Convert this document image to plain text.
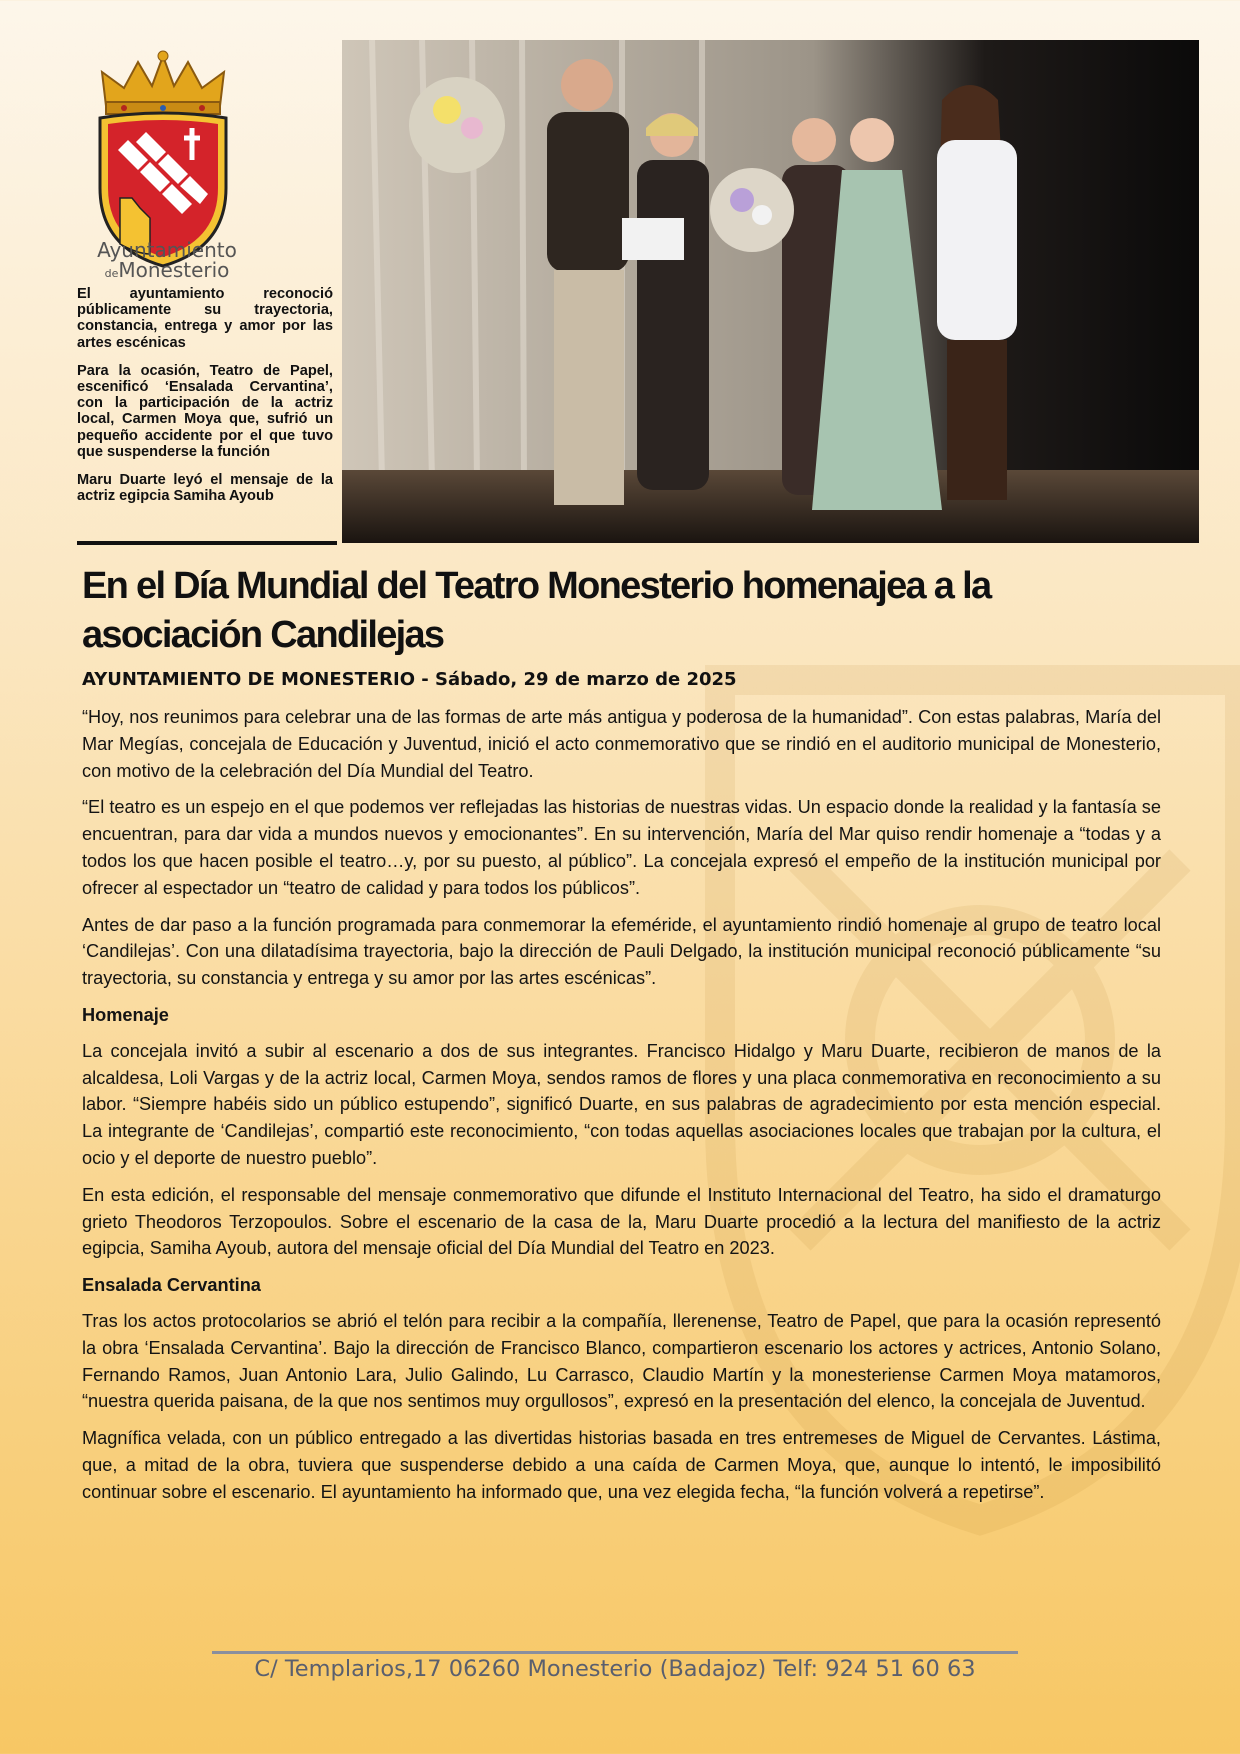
Ayuntamiento
deMonesterio

El ayuntamiento reconoció públicamente su trayectoria, constancia, entrega y amor por las artes escénicas

Para la ocasión, Teatro de Papel, escenificó ‘Ensalada Cervantina’, con la participación de la actriz local, Carmen Moya que, sufrió un pequeño accidente por el que tuvo que suspenderse la función

Maru Duarte leyó el mensaje de la actriz egipcia Samiha Ayoub

En el Día Mundial del Teatro Monesterio homenajea a la asociación Candilejas

AYUNTAMIENTO DE MONESTERIO - Sábado, 29 de marzo de 2025

“Hoy, nos reunimos para celebrar una de las formas de arte más antigua y poderosa de la humanidad”. Con estas palabras, María del Mar Megías, concejala de Educación y Juventud, inició el acto conmemorativo que se rindió en el auditorio municipal de Monesterio, con motivo de la celebración del Día Mundial del Teatro.

“El teatro es un espejo en el que podemos ver reflejadas las historias de nuestras vidas. Un espacio donde la realidad y la fantasía se encuentran, para dar vida a mundos nuevos y emocionantes”. En su intervención, María del Mar quiso rendir homenaje a “todas y a todos los que hacen posible el teatro…y, por su puesto, al público”. La concejala expresó el empeño de la institución municipal por ofrecer al espectador un “teatro de calidad y para todos los públicos”.

Antes de dar paso a la función programada para conmemorar la efeméride, el ayuntamiento rindió homenaje al grupo de teatro local ‘Candilejas’. Con una dilatadísima trayectoria, bajo la dirección de Pauli Delgado, la institución municipal reconoció públicamente “su trayectoria, su constancia y entrega y su amor por las artes escénicas”.

Homenaje

La concejala invitó a subir al escenario a dos de sus integrantes. Francisco Hidalgo y Maru Duarte, recibieron de manos de la alcaldesa, Loli Vargas y de la actriz local, Carmen Moya, sendos ramos de flores y una placa conmemorativa en reconocimiento a su labor. “Siempre habéis sido un público estupendo”, significó Duarte, en sus palabras de agradecimiento por esta mención especial. La integrante de ‘Candilejas’, compartió este reconocimiento, “con todas aquellas asociaciones locales que trabajan por la cultura, el ocio y el deporte de nuestro pueblo”.

En esta edición, el responsable del mensaje conmemorativo que difunde el Instituto Internacional del Teatro, ha sido el dramaturgo grieto Theodoros Terzopoulos. Sobre el escenario de la casa de la, Maru Duarte procedió a la lectura del manifiesto de la actriz egipcia, Samiha Ayoub, autora del mensaje oficial del Día Mundial del Teatro en 2023.

Ensalada Cervantina

Tras los actos protocolarios se abrió el telón para recibir a la compañía, llerenense, Teatro de Papel, que para la ocasión representó la obra ‘Ensalada Cervantina’. Bajo la dirección de Francisco Blanco, compartieron escenario los actores y actrices, Antonio Solano, Fernando Ramos, Juan Antonio Lara, Julio Galindo, Lu Carrasco, Claudio Martín y la monesteriense Carmen Moya matamoros, “nuestra querida paisana, de la que nos sentimos muy orgullosos”, expresó en la presentación del elenco, la concejala de Juventud.

Magnífica velada, con un público entregado a las divertidas historias basada en tres entremeses de Miguel de Cervantes. Lástima, que, a mitad de la obra, tuviera que suspenderse debido a una caída de Carmen Moya, que, aunque lo intentó, le imposibilitó continuar sobre el escenario. El ayuntamiento ha informado que, una vez elegida fecha, “la función volverá a repetirse”.

C/ Templarios,17 06260 Monesterio (Badajoz) Telf: 924 51 60 63
